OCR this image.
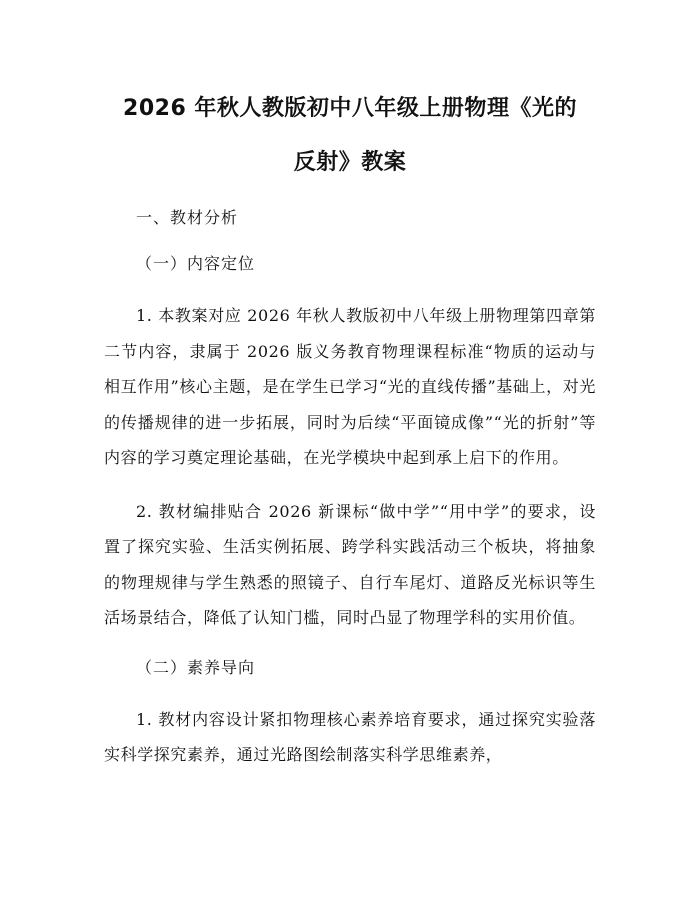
2026 年秋人教版初中八年级上册物理《光的
反射》教案
一、教材分析
（一）内容定位

1. 本教案对应 2026 年秋人教版初中八年级上册物理第四章第二节内容，隶属于 2026 版义务教育物理课程标准“物质的运动与相互作用”核心主题，是在学生已学习“光的直线传播”基础上，对光的传播规律的进一步拓展，同时为后续“平面镜成像”“光的折射”等内容的学习奠定理论基础，在光学模块中起到承上启下的作用。

2. 教材编排贴合 2026 新课标“做中学”“用中学”的要求，设置了探究实验、生活实例拓展、跨学科实践活动三个板块，将抽象的物理规律与学生熟悉的照镜子、自行车尾灯、道路反光标识等生活场景结合，降低了认知门槛，同时凸显了物理学科的实用价值。

（二）素养导向

1. 教材内容设计紧扣物理核心素养培育要求，通过探究实验落实科学探究素养，通过光路图绘制落实科学思维素养，
